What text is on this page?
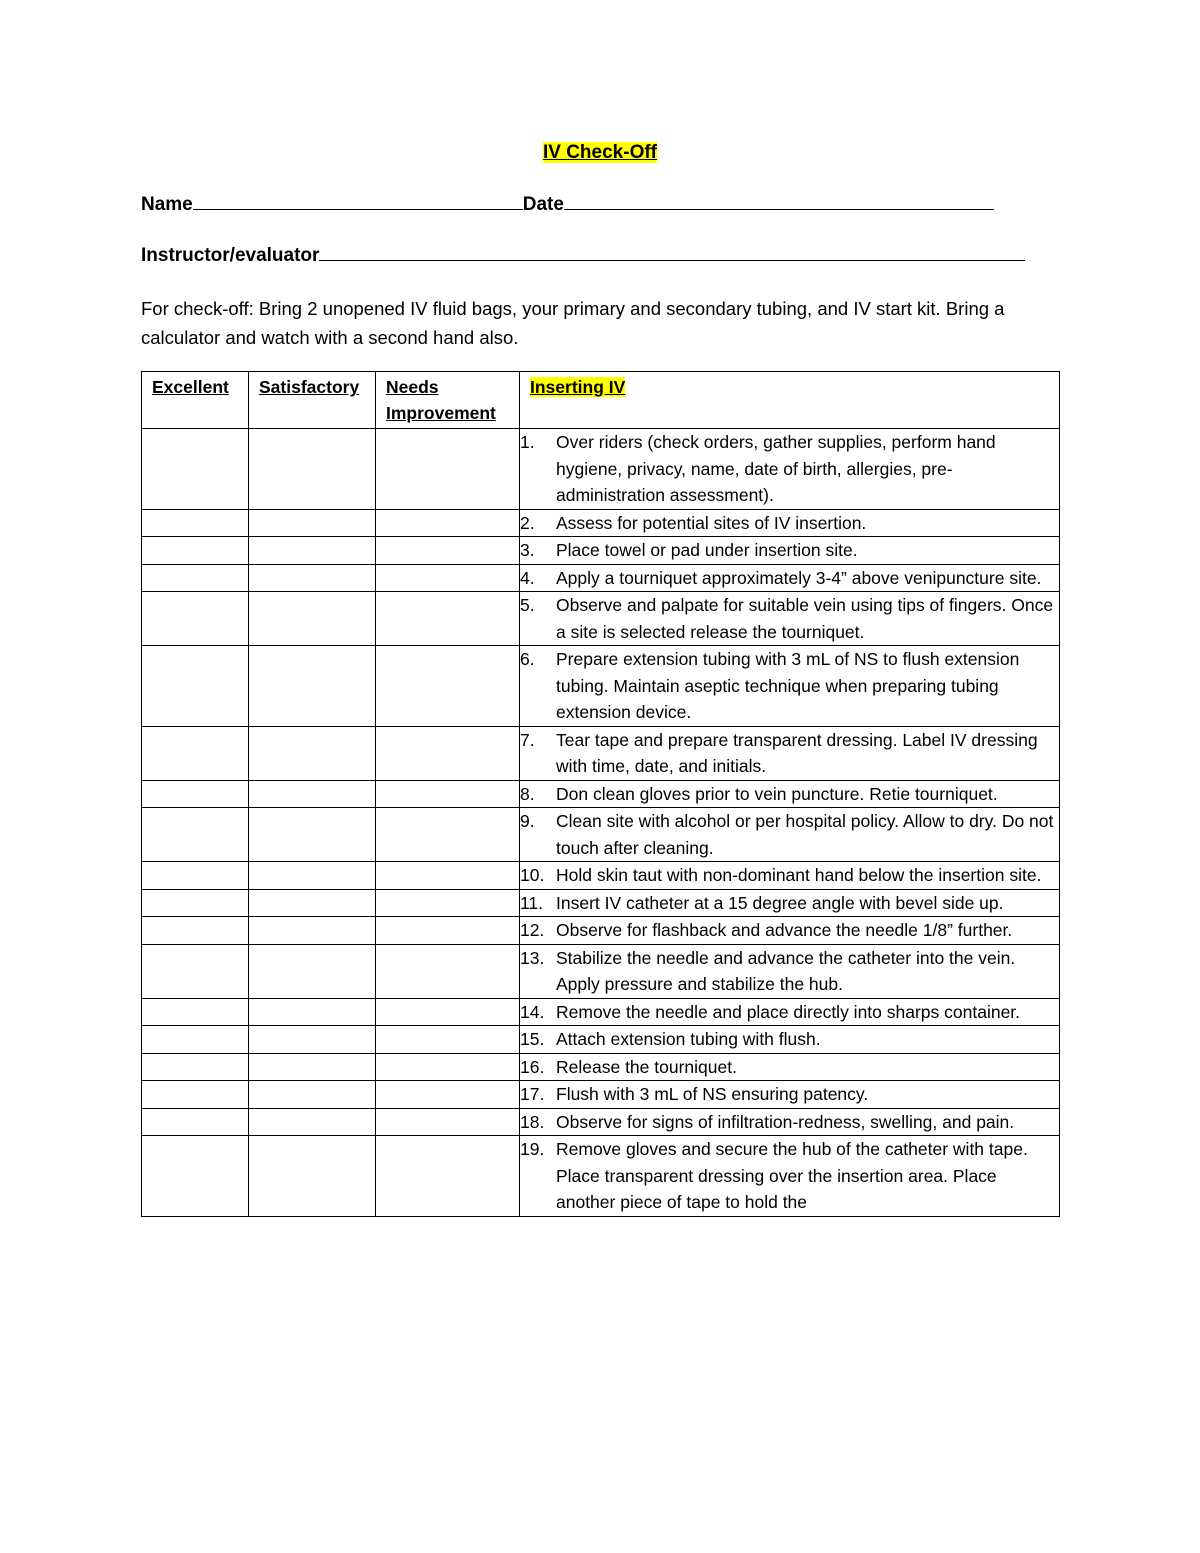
IV Check-Off
Name	Date
Instructor/evaluator
For check-off: Bring 2 unopened IV fluid bags, your primary and secondary tubing, and IV start kit. Bring a calculator and watch with a second hand also.
Excellent	Satisfactory	Needs Improvement	Inserting IV

			1. Over riders (check orders, gather supplies, perform hand hygiene, privacy, name, date of birth, allergies, pre-administration assessment).

			2. Assess for potential sites of IV insertion.

			3. Place towel or pad under insertion site.

			4. Apply a tourniquet approximately 3-4” above venipuncture site.

			5. Observe and palpate for suitable vein using tips of fingers. Once a site is selected release the tourniquet.

			6. Prepare extension tubing with 3 mL of NS to flush extension tubing. Maintain aseptic technique when preparing tubing extension device.

			7. Tear tape and prepare transparent dressing. Label IV dressing with time, date, and initials.

			8. Don clean gloves prior to vein puncture. Retie tourniquet.

			9. Clean site with alcohol or per hospital policy. Allow to dry. Do not touch after cleaning.

			10. Hold skin taut with non-dominant hand below the insertion site.

			11. Insert IV catheter at a 15 degree angle with bevel side up.

			12. Observe for flashback and advance the needle 1/8” further.

			13. Stabilize the needle and advance the catheter into the vein. Apply pressure and stabilize the hub.

			14. Remove the needle and place directly into sharps container.

			15. Attach extension tubing with flush.

			16. Release the tourniquet.

			17. Flush with 3 mL of NS ensuring patency.

			18. Observe for signs of infiltration-redness, swelling, and pain.

			19. Remove gloves and secure the hub of the catheter with tape. Place transparent dressing over the insertion area. Place another piece of tape to hold the
